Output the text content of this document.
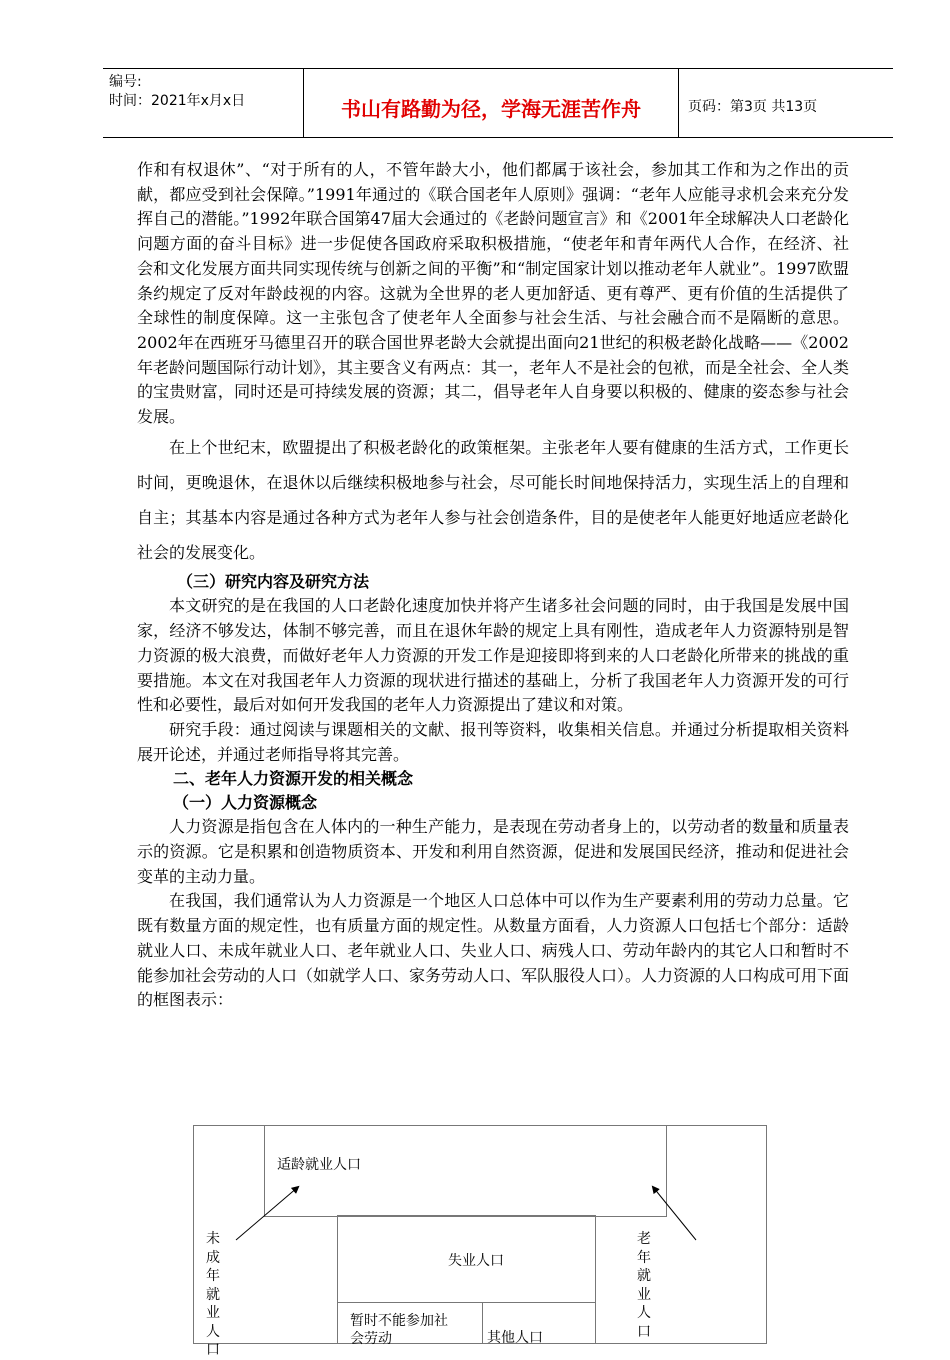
编号:
时间：2021年x月x日	书山有路勤为径，学海无涯苦作舟	页码：第3页 共13页

作和有权退休”、“对于所有的人，不管年龄大小，他们都属于该社会，参加其工作和为之作出的贡献，都应受到社会保障。”1991年通过的《联合国老年人原则》强调：“老年人应能寻求机会来充分发挥自己的潜能。”1992年联合国第47届大会通过的《老龄问题宣言》和《2001年全球解决人口老龄化问题方面的奋斗目标》进一步促使各国政府采取积极措施，“使老年和青年两代人合作，在经济、社会和文化发展方面共同实现传统与创新之间的平衡”和“制定国家计划以推动老年人就业”。1997欧盟条约规定了反对年龄歧视的内容。这就为全世界的老人更加舒适、更有尊严、更有价值的生活提供了全球性的制度保障。这一主张包含了使老年人全面参与社会生活、与社会融合而不是隔断的意思。2002年在西班牙马德里召开的联合国世界老龄大会就提出面向21世纪的积极老龄化战略——《2002年老龄问题国际行动计划》，其主要含义有两点：其一，老年人不是社会的包袱，而是全社会、全人类的宝贵财富，同时还是可持续发展的资源；其二，倡导老年人自身要以积极的、健康的姿态参与社会发展。

在上个世纪末，欧盟提出了积极老龄化的政策框架。主张老年人要有健康的生活方式，工作更长时间，更晚退休，在退休以后继续积极地参与社会，尽可能长时间地保持活力，实现生活上的自理和自主；其基本内容是通过各种方式为老年人参与社会创造条件，目的是使老年人能更好地适应老龄化社会的发展变化。

（三）研究内容及研究方法

本文研究的是在我国的人口老龄化速度加快并将产生诸多社会问题的同时，由于我国是发展中国家，经济不够发达，体制不够完善，而且在退休年龄的规定上具有刚性，造成老年人力资源特别是智力资源的极大浪费，而做好老年人力资源的开发工作是迎接即将到来的人口老龄化所带来的挑战的重要措施。本文在对我国老年人力资源的现状进行描述的基础上，分析了我国老年人力资源开发的可行性和必要性，最后对如何开发我国的老年人力资源提出了建议和对策。

研究手段：通过阅读与课题相关的文献、报刊等资料，收集相关信息。并通过分析提取相关资料展开论述，并通过老师指导将其完善。

二、老年人力资源开发的相关概念

（一）人力资源概念

人力资源是指包含在人体内的一种生产能力，是表现在劳动者身上的，以劳动者的数量和质量表示的资源。它是积累和创造物质资本、开发和利用自然资源，促进和发展国民经济，推动和促进社会变革的主动力量。

在我国，我们通常认为人力资源是一个地区人口总体中可以作为生产要素利用的劳动力总量。它既有数量方面的规定性，也有质量方面的规定性。从数量方面看，人力资源人口包括七个部分：适龄就业人口、未成年就业人口、老年就业人口、失业人口、病残人口、劳动年龄内的其它人口和暂时不能参加社会劳动的人口（如就学人口、家务劳动人口、军队服役人口）。人力资源的人口构成可用下面的框图表示：

适龄就业人口
失业人口
暂时不能参加社会劳动	其他人口
未成年就业人口
老年就业人口
